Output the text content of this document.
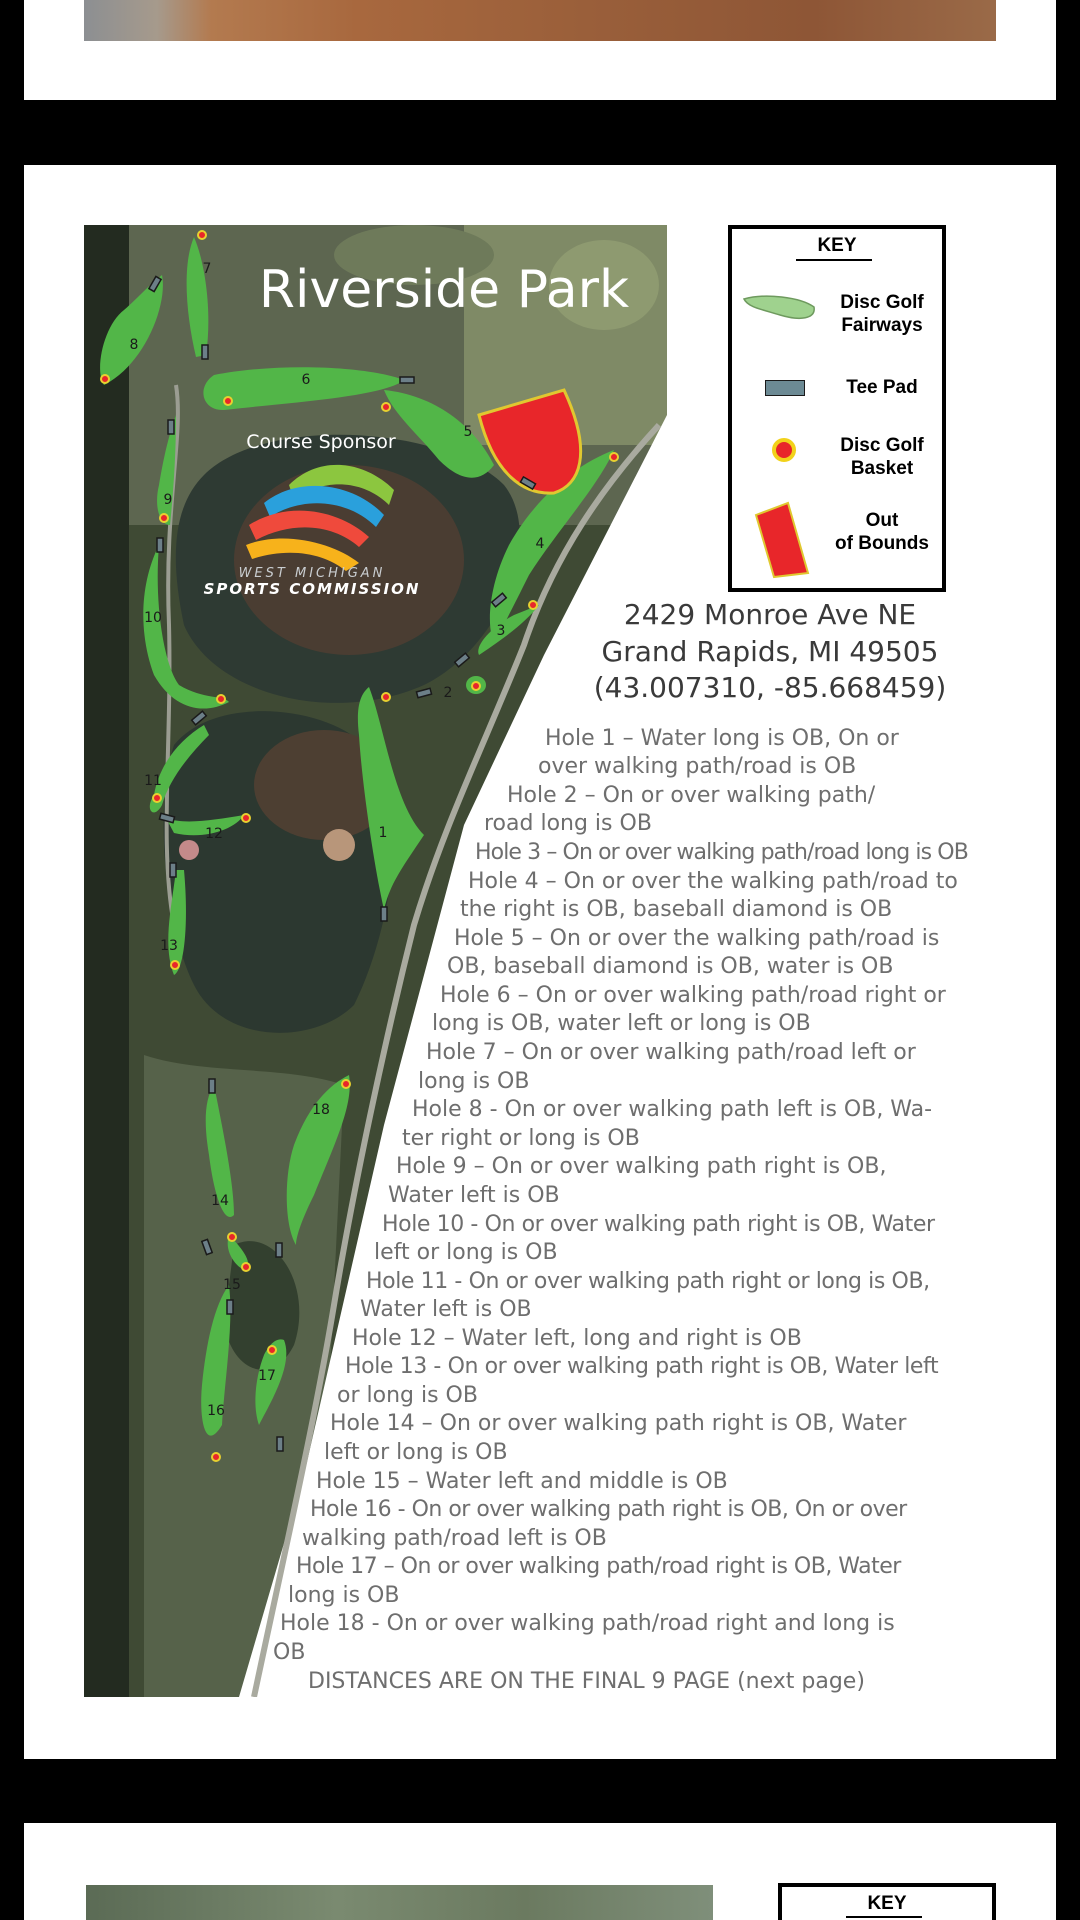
1
2
3
4
5
6
7
8
9
10
11
12
13
14
15
16
17
18
Riverside Park
Course Sponsor
WEST MICHIGAN
SPORTS COMMISSION
KEY
Disc Golf
Fairways
Tee Pad
Disc Golf
Basket
Out
of Bounds
2429 Monroe Ave NE
Grand Rapids, MI 49505
(43.007310, -85.668459)
Hole 1 – Water long is OB, On or
over walking path/road is OB
Hole 2 – On or over walking path/
road long is OB
Hole 3 – On or over walking path/road long is OB
Hole 4 – On or over the walking path/road to
the right is OB, baseball diamond is OB
Hole 5 – On or over the walking path/road is
OB, baseball diamond is OB, water is OB
Hole 6 – On or over walking path/road right or
long is OB, water left or long is OB
Hole 7 – On or over walking path/road left or
long is OB
Hole 8 - On or over walking path left is OB, Wa-
ter right or long is OB
Hole 9 – On or over walking path right is OB,
Water left is OB
Hole 10 - On or over walking path right is OB, Water
left or long is OB
Hole 11 - On or over walking path right or long is OB,
Water left is OB
Hole 12 – Water left, long and right is OB
Hole 13 - On or over walking path right is OB, Water left
or long is OB
Hole 14 – On or over walking path right is OB, Water
left or long is OB
Hole 15 – Water left and middle is OB
Hole 16 - On or over walking path right is OB, On or over
walking path/road left is OB
Hole 17 – On or over walking path/road right is OB, Water
long is OB
Hole 18 - On or over walking path/road right and long is
OB
DISTANCES ARE ON THE FINAL 9 PAGE (next page)
KEY
